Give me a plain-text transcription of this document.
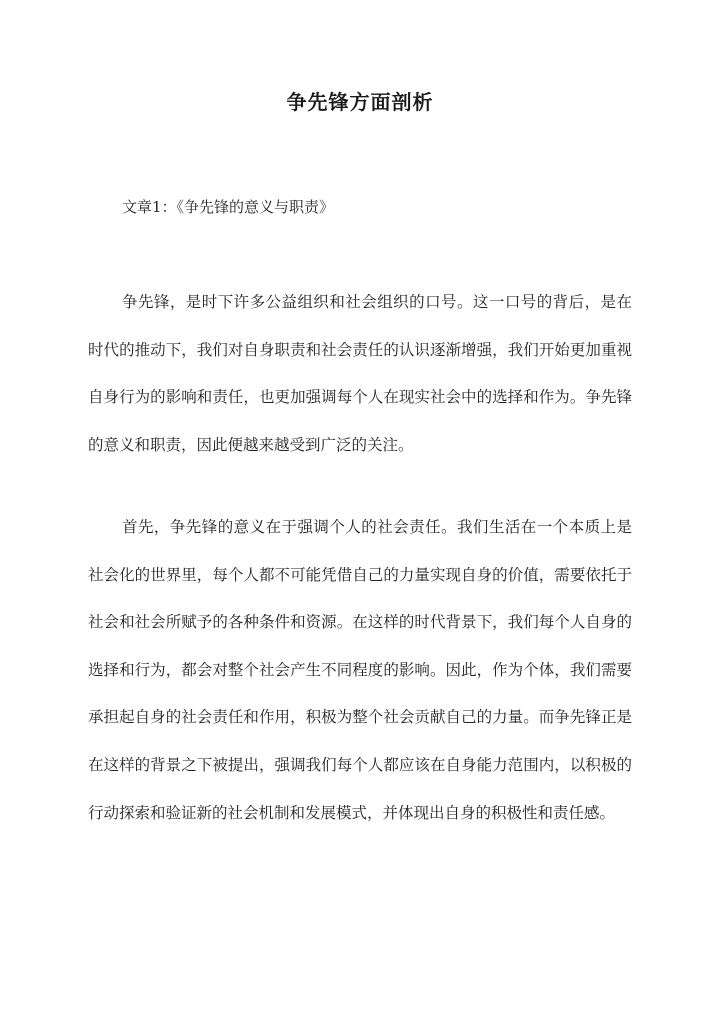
争先锋方面剖析

文章1：《争先锋的意义与职责》

争先锋，是时下许多公益组织和社会组织的口号。这一口号的背后，是在时代的推动下，我们对自身职责和社会责任的认识逐渐增强，我们开始更加重视自身行为的影响和责任，也更加强调每个人在现实社会中的选择和作为。争先锋的意义和职责，因此便越来越受到广泛的关注。

首先，争先锋的意义在于强调个人的社会责任。我们生活在一个本质上是社会化的世界里，每个人都不可能凭借自己的力量实现自身的价值，需要依托于社会和社会所赋予的各种条件和资源。在这样的时代背景下，我们每个人自身的选择和行为，都会对整个社会产生不同程度的影响。因此，作为个体，我们需要承担起自身的社会责任和作用，积极为整个社会贡献自己的力量。而争先锋正是在这样的背景之下被提出，强调我们每个人都应该在自身能力范围内，以积极的行动探索和验证新的社会机制和发展模式，并体现出自身的积极性和责任感。
